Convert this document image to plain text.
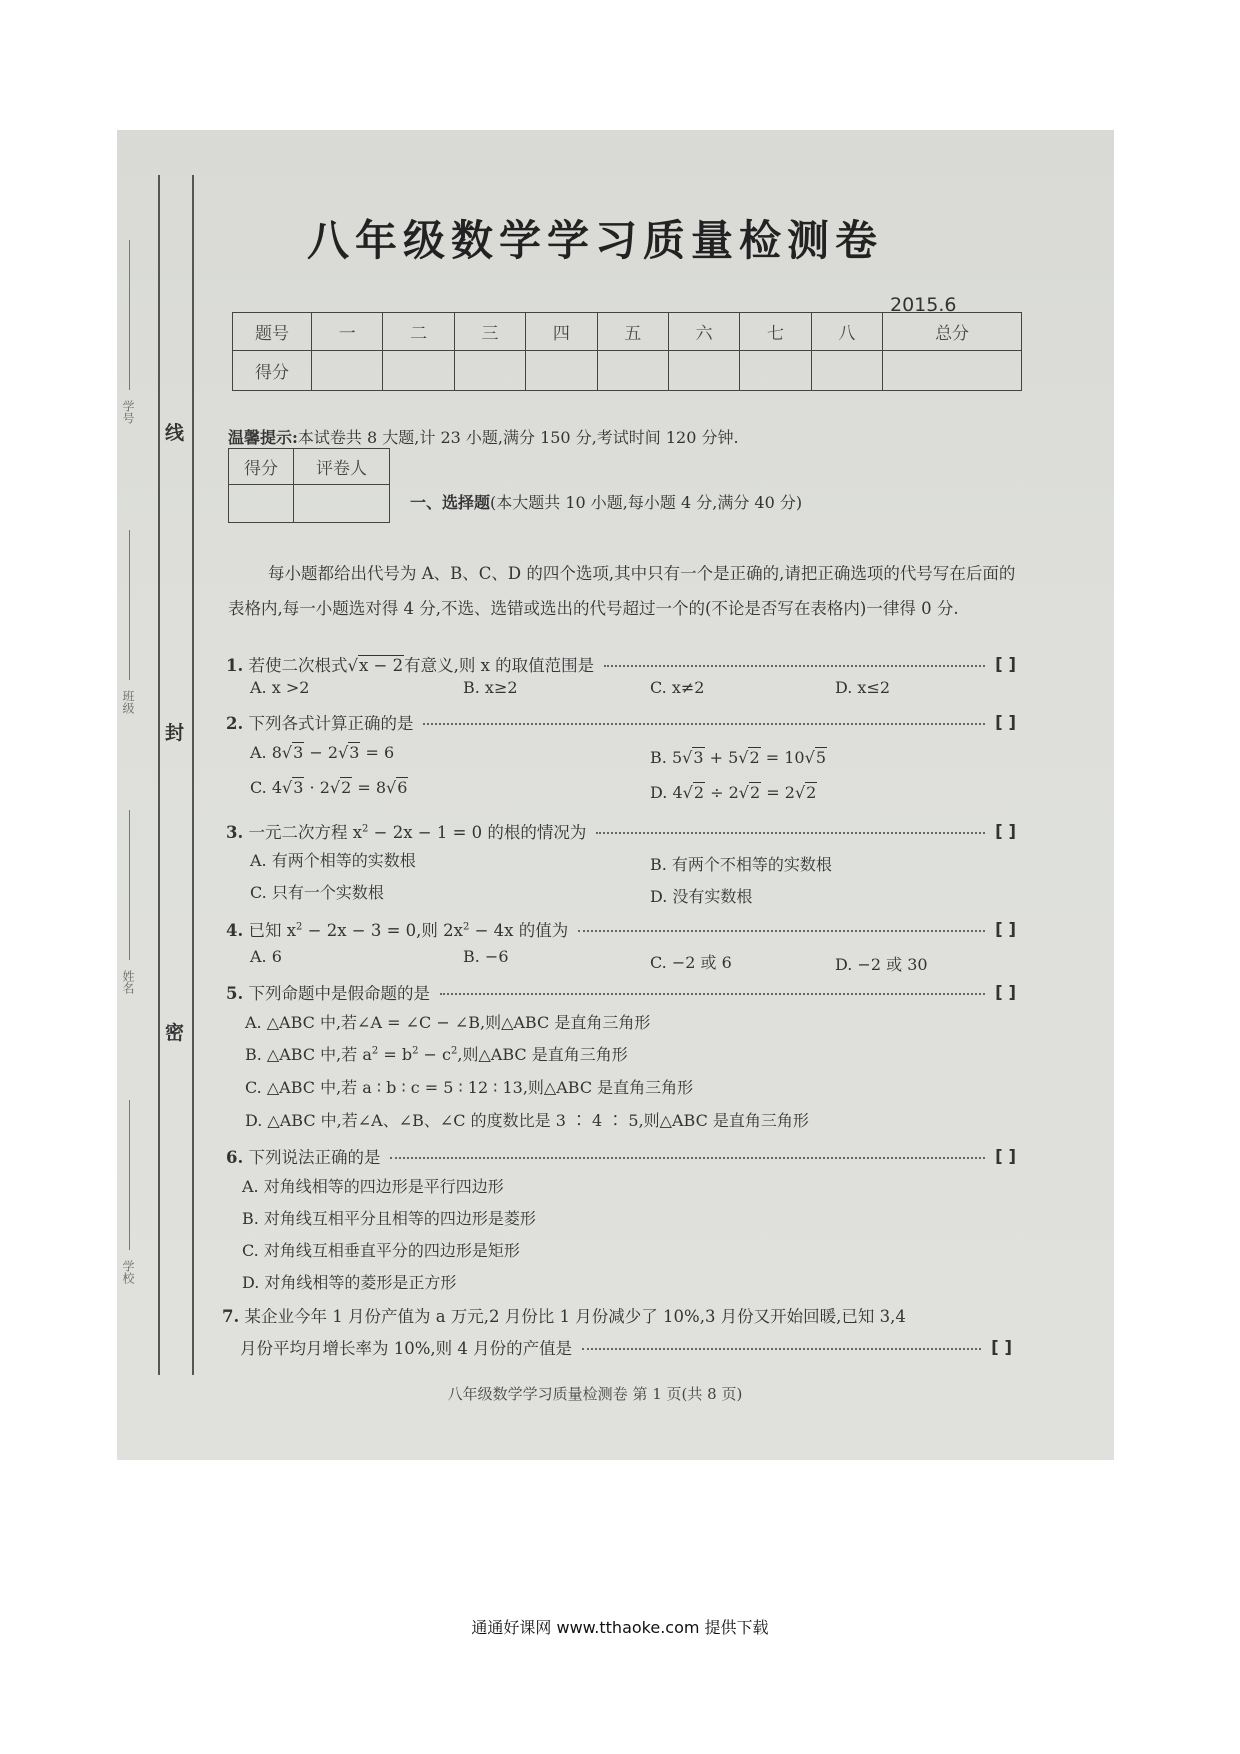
线
封
密
学号
班级
姓名
学校
八年级数学学习质量检测卷
2015.6
题号	一	二	三	四	五	六	七	八	总分
得分									
温馨提示:本试卷共 8 大题,计 23 小题,满分 150 分,考试时间 120 分钟.
得分	评卷人

一、选择题(本大题共 10 小题,每小题 4 分,满分 40 分)
每小题都给出代号为 A、B、C、D 的四个选项,其中只有一个是正确的,请把正确选项的代号写在后面的表格内,每一小题选对得 4 分,不选、选错或选出的代号超过一个的(不论是否写在表格内)一律得 0 分.
1. 若使二次根式√x − 2有意义,则 x 的取值范围是	[ ]
A. x >2	B. x≥2	C. x≠2	D. x≤2
2. 下列各式计算正确的是	[ ]
A. 8√3 − 2√3 = 6	B. 5√3 + 5√2 = 10√5
C. 4√3 · 2√2 = 8√6	D. 4√2 ÷ 2√2 = 2√2
3. 一元二次方程 $x^2 - 2x - 1 = 0$ 的根的情况为	[ ]
A. 有两个相等的实数根	B. 有两个不相等的实数根
C. 只有一个实数根	D. 没有实数根
4. 已知 $x^2 - 2x - 3 = 0$,则 $2x^2 - 4x$ 的值为	[ ]
A. 6	B. −6	C. −2 或 6	D. −2 或 30
5. 下列命题中是假命题的是	[ ]
A. △ABC 中,若∠A = ∠C − ∠B,则△ABC 是直角三角形
B. △ABC 中,若 $a^2 = b^2 - c^2$,则△ABC 是直角三角形
C. △ABC 中,若 a ∶ b ∶ c = 5 ∶ 12 ∶ 13,则△ABC 是直角三角形
D. △ABC 中,若∠A、∠B、∠C 的度数比是 3 ∶ 4 ∶ 5,则△ABC 是直角三角形
6. 下列说法正确的是	[ ]
A. 对角线相等的四边形是平行四边形
B. 对角线互相平分且相等的四边形是菱形
C. 对角线互相垂直平分的四边形是矩形
D. 对角线相等的菱形是正方形
7. 某企业今年 1 月份产值为 a 万元,2 月份比 1 月份减少了 10%,3 月份又开始回暖,已知 3,4
月份平均月增长率为 10%,则 4 月份的产值是	[ ]
八年级数学学习质量检测卷 第 1 页(共 8 页)
通通好课网 www.tthaoke.com 提供下载
